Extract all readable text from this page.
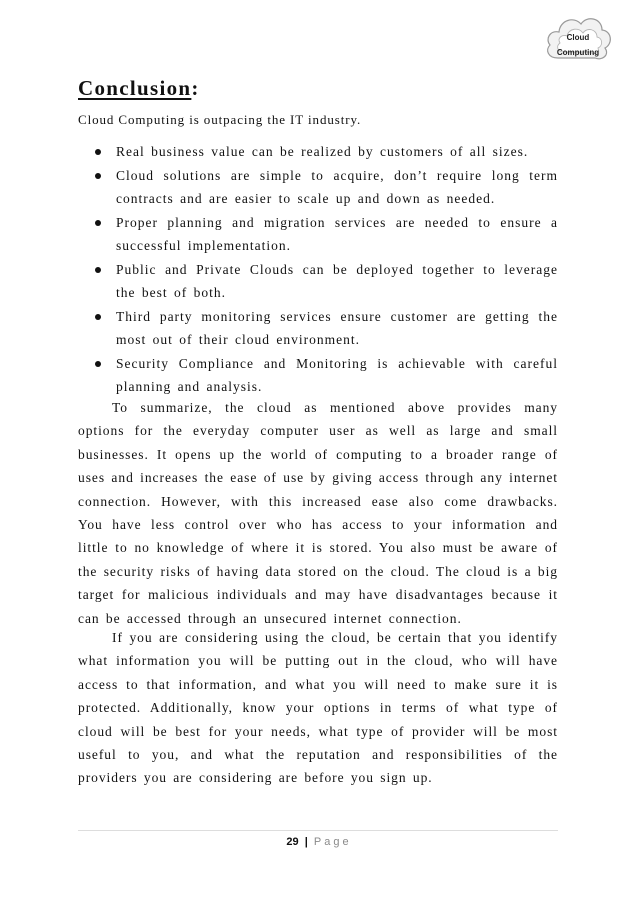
Cloud
Computing
Conclusion:

Cloud Computing is outpacing the IT industry.

Real business value can be realized by customers of all sizes.
Cloud solutions are simple to acquire, don’t require long term contracts and are easier to scale up and down as needed.
Proper planning and migration services are needed to ensure a successful implementation.
Public and Private Clouds can be deployed together to leverage the best of both.
Third party monitoring services ensure customer are getting the most out of their cloud environment.
Security Compliance and Monitoring is achievable with careful planning and analysis.

To summarize, the cloud as mentioned above provides many options for the everyday computer user as well as large and small businesses. It opens up the world of computing to a broader range of uses and increases the ease of use by giving access through any internet connection. However, with this increased ease also come drawbacks. You have less control over who has access to your information and little to no knowledge of where it is stored. You also must be aware of the security risks of having data stored on the cloud. The cloud is a big target for malicious individuals and may have disadvantages because it can be accessed through an unsecured internet connection.

If you are considering using the cloud, be certain that you identify what information you will be putting out in the cloud, who will have access to that information, and what you will need to make sure it is protected. Additionally, know your options in terms of what type of cloud will be best for your needs, what type of provider will be most useful to you, and what the reputation and responsibilities of the providers you are considering are before you sign up.

29 | Page
